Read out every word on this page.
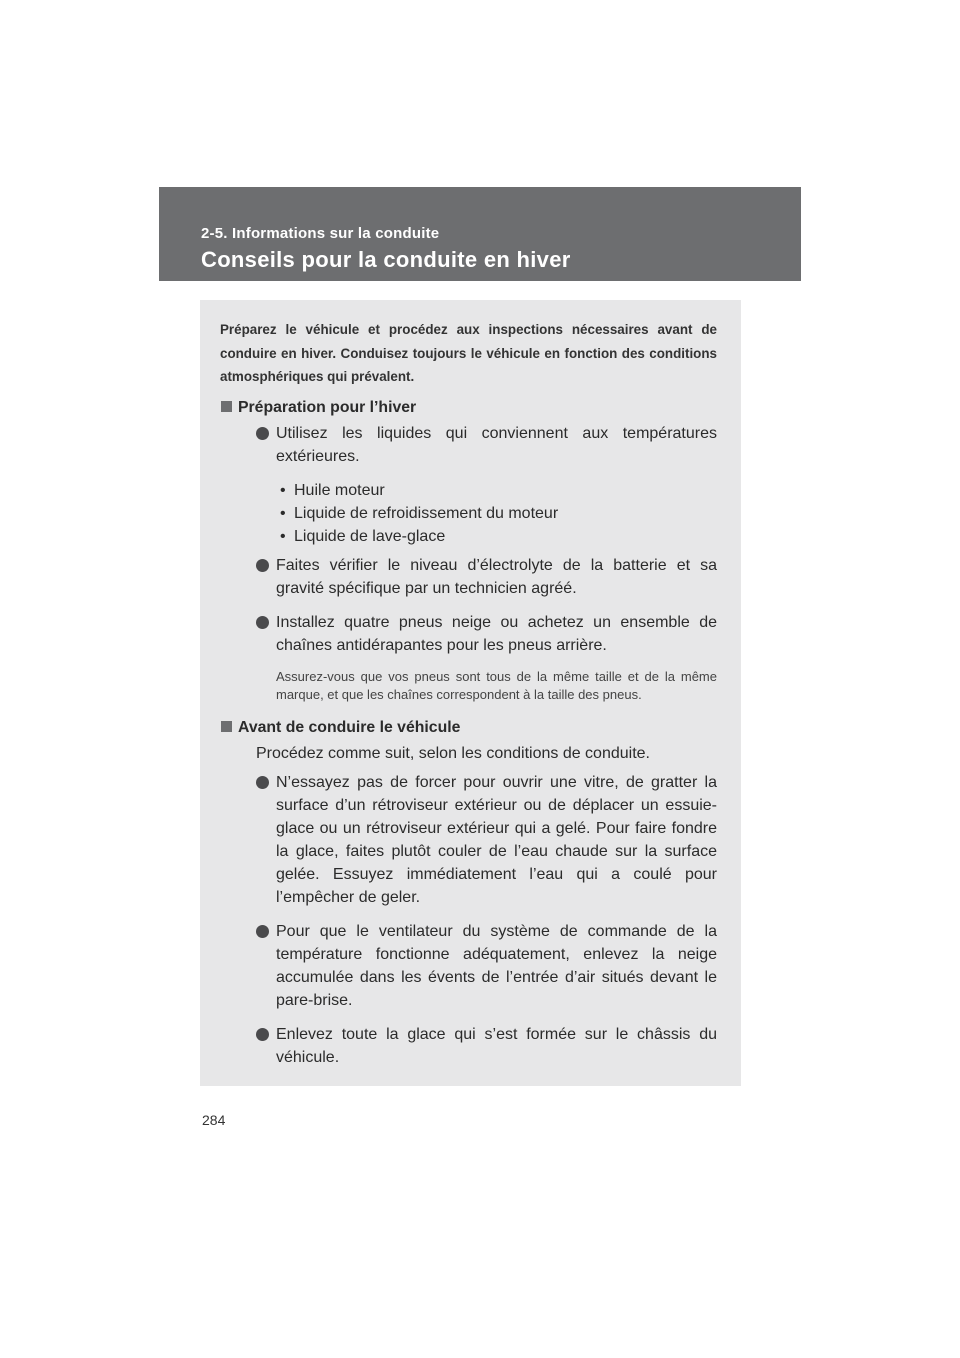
2-5. Informations sur la conduite
Conseils pour la conduite en hiver

Préparez le véhicule et procédez aux inspections nécessaires avant de conduire en hiver. Conduisez toujours le véhicule en fonction des conditions atmosphériques qui prévalent.

Préparation pour l’hiver

Utilisez les liquides qui conviennent aux températures extérieures.

• Huile moteur
• Liquide de refroidissement du moteur
• Liquide de lave-glace

Faites vérifier le niveau d’électrolyte de la batterie et sa gravité spécifique par un technicien agréé.

Installez quatre pneus neige ou achetez un ensemble de chaînes antidérapantes pour les pneus arrière.

Assurez-vous que vos pneus sont tous de la même taille et de la même marque, et que les chaînes correspondent à la taille des pneus.

Avant de conduire le véhicule

Procédez comme suit, selon les conditions de conduite.

N’essayez pas de forcer pour ouvrir une vitre, de gratter la surface d’un rétroviseur extérieur ou de déplacer un essuie-glace ou un rétroviseur extérieur qui a gelé. Pour faire fondre la glace, faites plutôt couler de l’eau chaude sur la surface gelée. Essuyez immédiatement l’eau qui a coulé pour l’empêcher de geler.

Pour que le ventilateur du système de commande de la température fonctionne adéquatement, enlevez la neige accumulée dans les évents de l’entrée d’air situés devant le pare-brise.

Enlevez toute la glace qui s’est formée sur le châssis du véhicule.

284
